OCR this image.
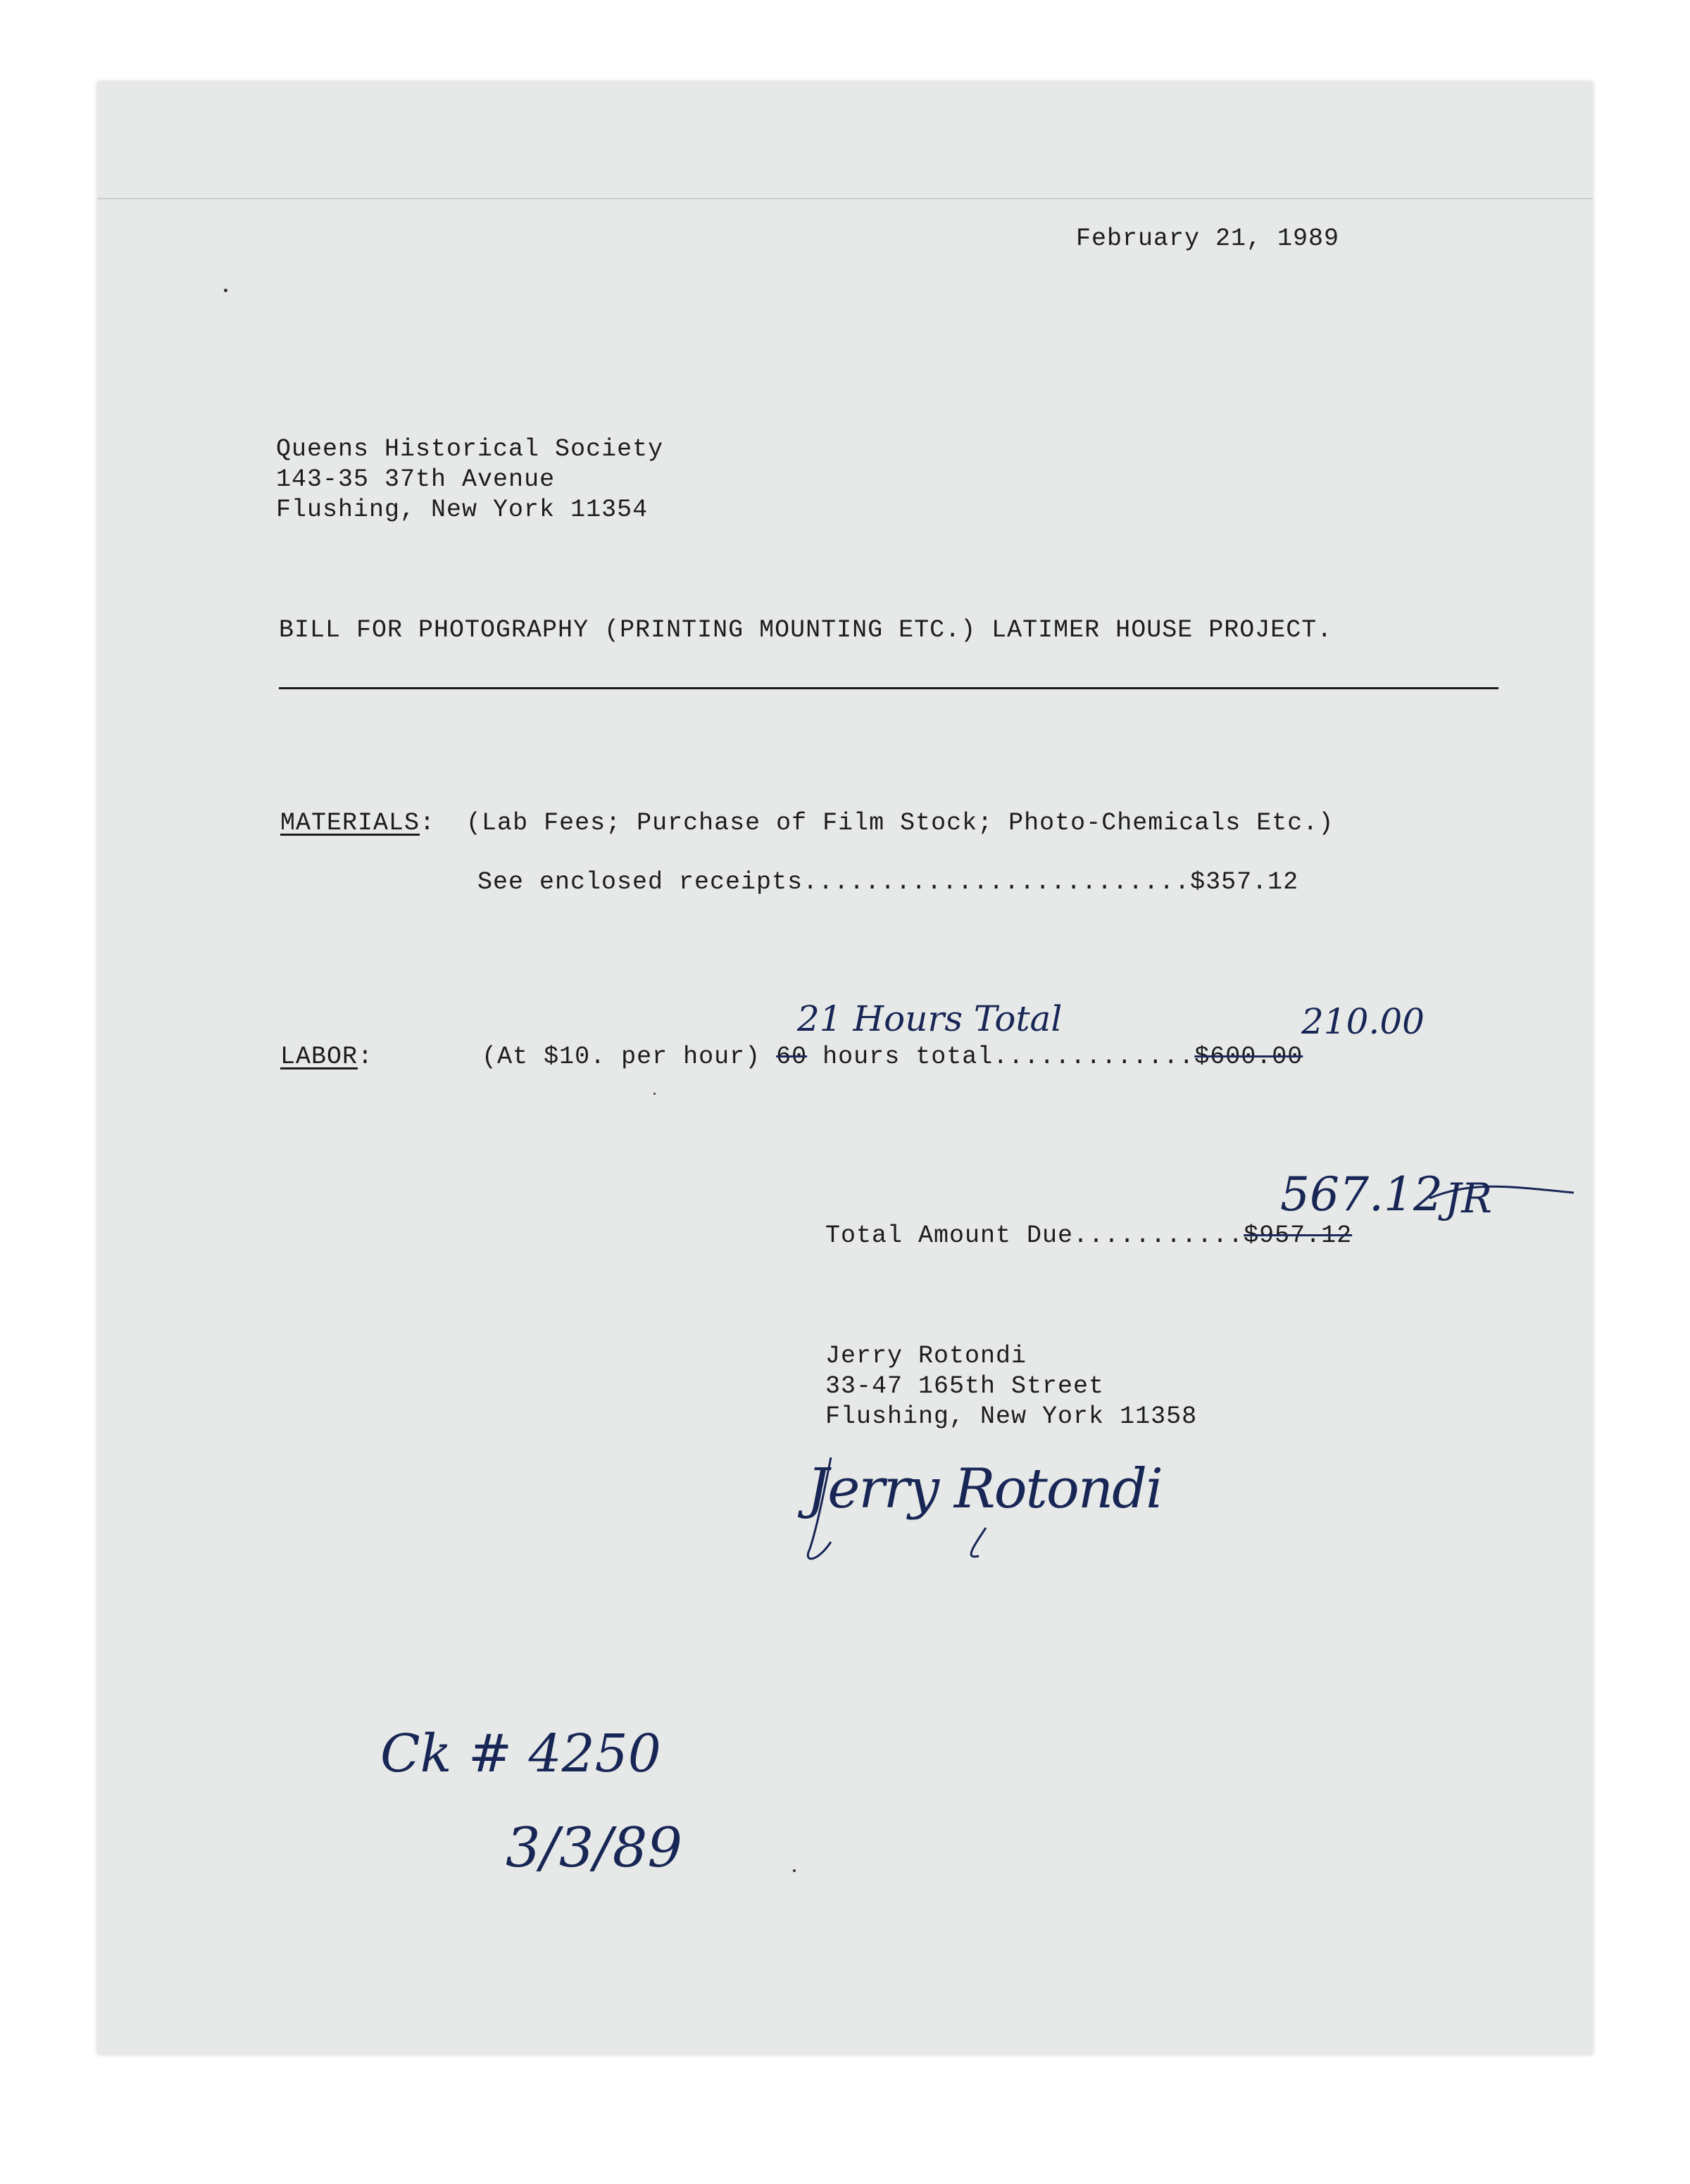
February 21, 1989
Queens Historical Society
143-35 37th Avenue
Flushing, New York 11354
BILL FOR PHOTOGRAPHY (PRINTING MOUNTING ETC.) LATIMER HOUSE PROJECT.
MATERIALS:  (Lab Fees; Purchase of Film Stock; Photo-Chemicals Etc.)
See enclosed receipts.........................$357.12
21 Hours Total	210.00
LABOR:	(At $10. per hour) 60 hours total.............$600.00
567.12 JR
Total Amount Due...........$957.12
Jerry Rotondi
33-47 165th Street
Flushing, New York 11358
Jerry Rotondi
Ck # 4250
3/3/89
